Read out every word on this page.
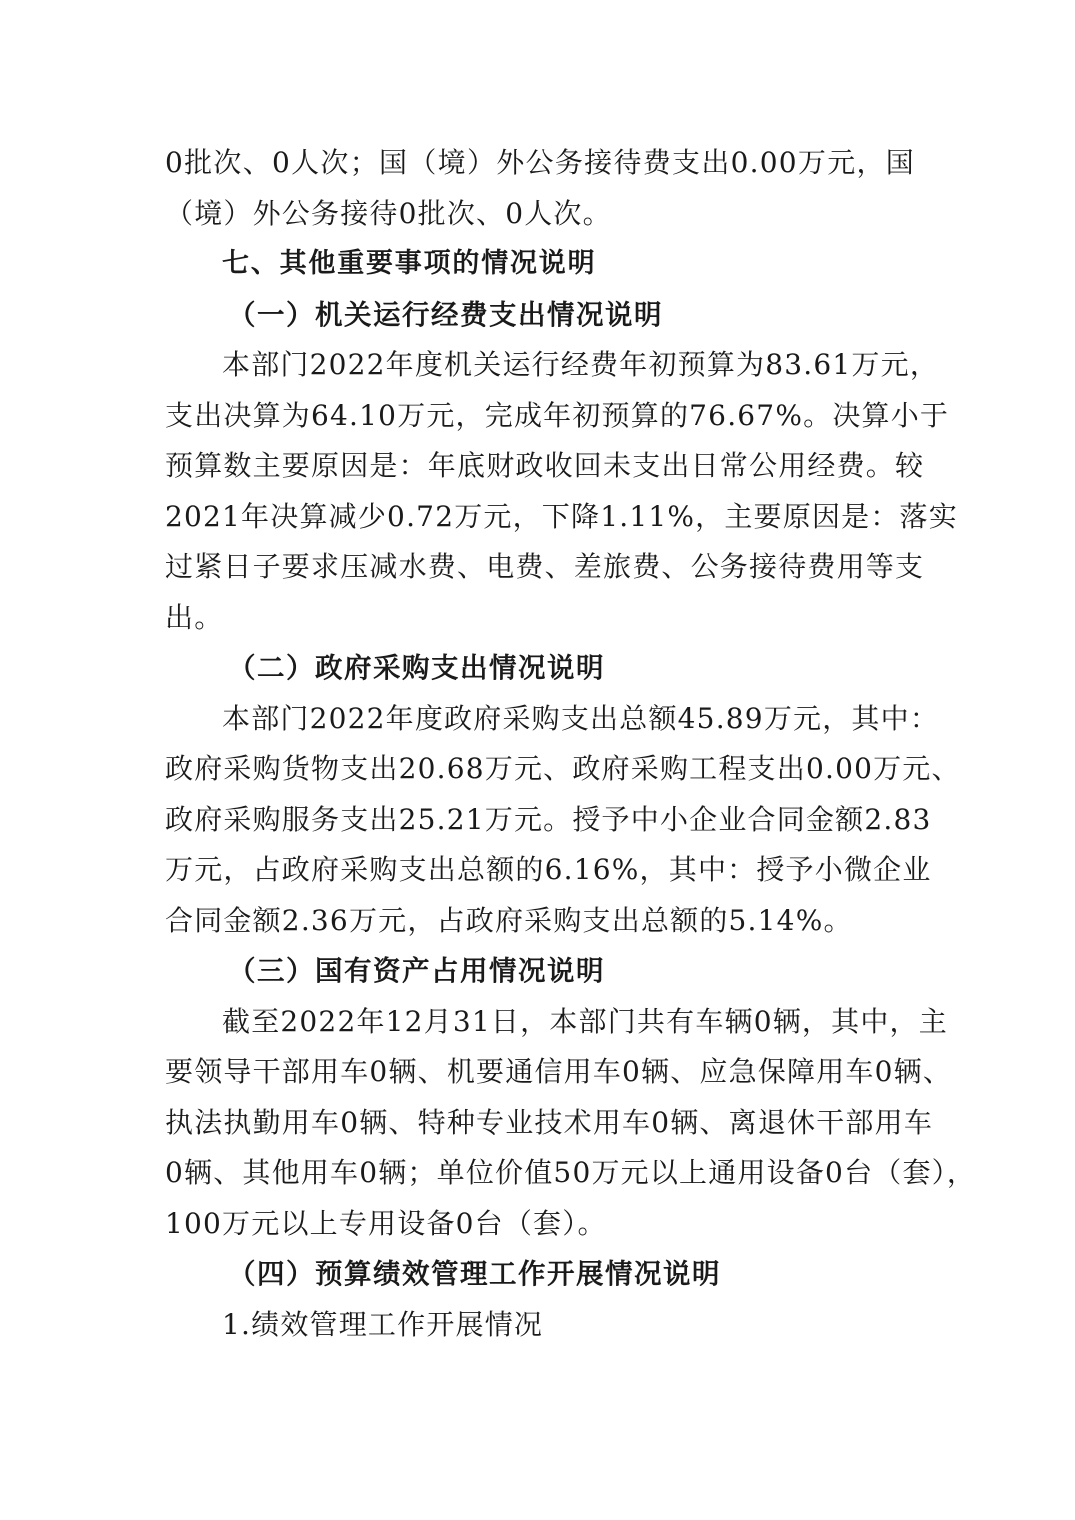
0批次、0人次；国（境）外公务接待费支出0.00万元，国
（境）外公务接待0批次、0人次。
七、其他重要事项的情况说明
（一）机关运行经费支出情况说明
本部门2022年度机关运行经费年初预算为83.61万元，
支出决算为64.10万元，完成年初预算的76.67%。决算小于
预算数主要原因是：年底财政收回未支出日常公用经费。较
2021年决算减少0.72万元，下降1.11%，主要原因是：落实
过紧日子要求压减水费、电费、差旅费、公务接待费用等支
出。
（二）政府采购支出情况说明
本部门2022年度政府采购支出总额45.89万元，其中：
政府采购货物支出20.68万元、政府采购工程支出0.00万元、
政府采购服务支出25.21万元。授予中小企业合同金额2.83
万元，占政府采购支出总额的6.16%，其中：授予小微企业
合同金额2.36万元，占政府采购支出总额的5.14%。
（三）国有资产占用情况说明
截至2022年12月31日，本部门共有车辆0辆，其中，主
要领导干部用车0辆、机要通信用车0辆、应急保障用车0辆、
执法执勤用车0辆、特种专业技术用车0辆、离退休干部用车
0辆、其他用车0辆；单位价值50万元以上通用设备0台（套），
100万元以上专用设备0台（套）。
（四）预算绩效管理工作开展情况说明
1.绩效管理工作开展情况
